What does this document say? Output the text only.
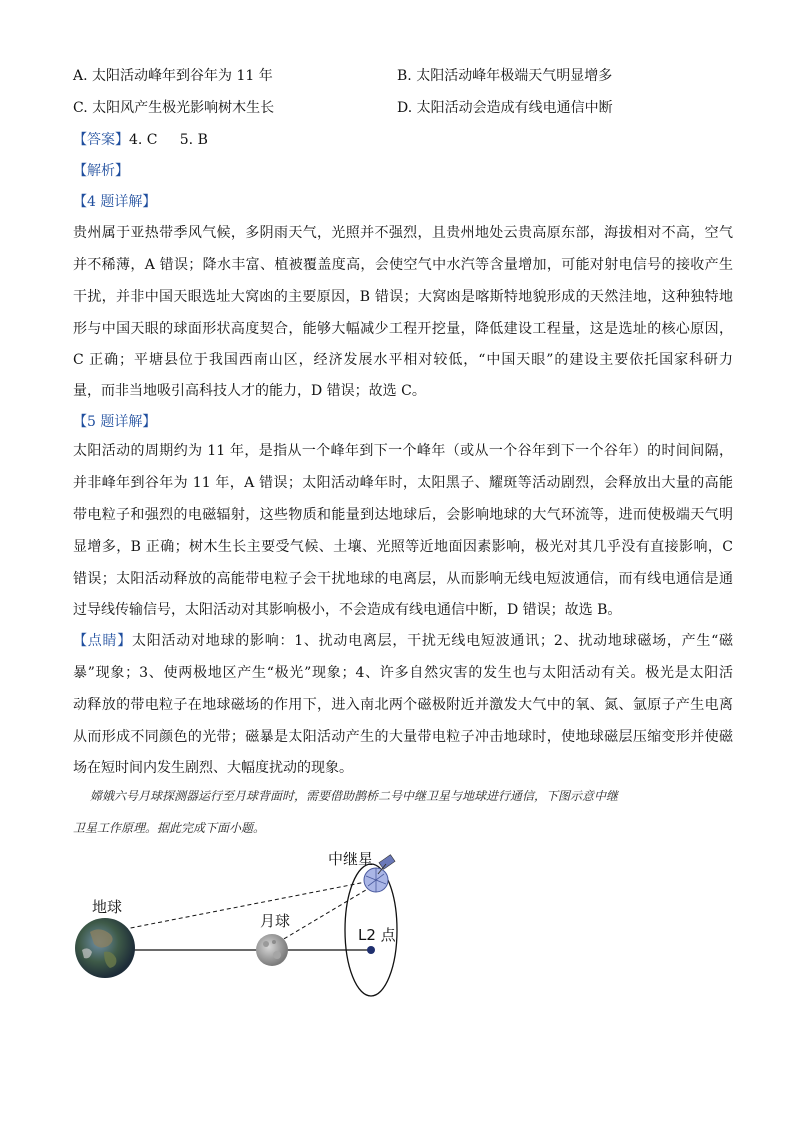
A. 太阳活动峰年到谷年为 11 年	B. 太阳活动峰年极端天气明显增多
C. 太阳风产生极光影响树木生长	D. 太阳活动会造成有线电通信中断
【答案】4. C     5. B
【解析】
【4 题详解】
贵州属于亚热带季风气候，多阴雨天气，光照并不强烈，且贵州地处云贵高原东部，海拔相对不高，空气
并不稀薄，A 错误；降水丰富、植被覆盖度高，会使空气中水汽等含量增加，可能对射电信号的接收产生
干扰，并非中国天眼选址大窝凼的主要原因，B 错误；大窝凼是喀斯特地貌形成的天然洼地，这种独特地
形与中国天眼的球面形状高度契合，能够大幅减少工程开挖量，降低建设工程量，这是选址的核心原因，
C 正确；平塘县位于我国西南山区，经济发展水平相对较低，“中国天眼”的建设主要依托国家科研力
量，而非当地吸引高科技人才的能力，D 错误；故选 C。
【5 题详解】
太阳活动的周期约为 11 年，是指从一个峰年到下一个峰年（或从一个谷年到下一个谷年）的时间间隔，
并非峰年到谷年为 11 年，A 错误；太阳活动峰年时，太阳黑子、耀斑等活动剧烈，会释放出大量的高能
带电粒子和强烈的电磁辐射，这些物质和能量到达地球后，会影响地球的大气环流等，进而使极端天气明
显增多，B 正确；树木生长主要受气候、土壤、光照等近地面因素影响，极光对其几乎没有直接影响，C
错误；太阳活动释放的高能带电粒子会干扰地球的电离层，从而影响无线电短波通信，而有线电通信是通
过导线传输信号，太阳活动对其影响极小，不会造成有线电通信中断，D 错误；故选 B。
【点睛】太阳活动对地球的影响：1、扰动电离层，干扰无线电短波通讯；2、扰动地球磁场，产生“磁
暴”现象；3、使两极地区产生“极光”现象；4、许多自然灾害的发生也与太阳活动有关。极光是太阳活
动释放的带电粒子在地球磁场的作用下，进入南北两个磁极附近并激发大气中的氧、氮、氩原子产生电离
从而形成不同颜色的光带；磁暴是太阳活动产生的大量带电粒子冲击地球时，使地球磁层压缩变形并使磁
场在短时间内发生剧烈、大幅度扰动的现象。
嫦娥六号月球探测器运行至月球背面时，需要借助鹊桥二号中继卫星与地球进行通信，下图示意中继
卫星工作原理。据此完成下面小题。
地球
月球
中继星
L2 点
